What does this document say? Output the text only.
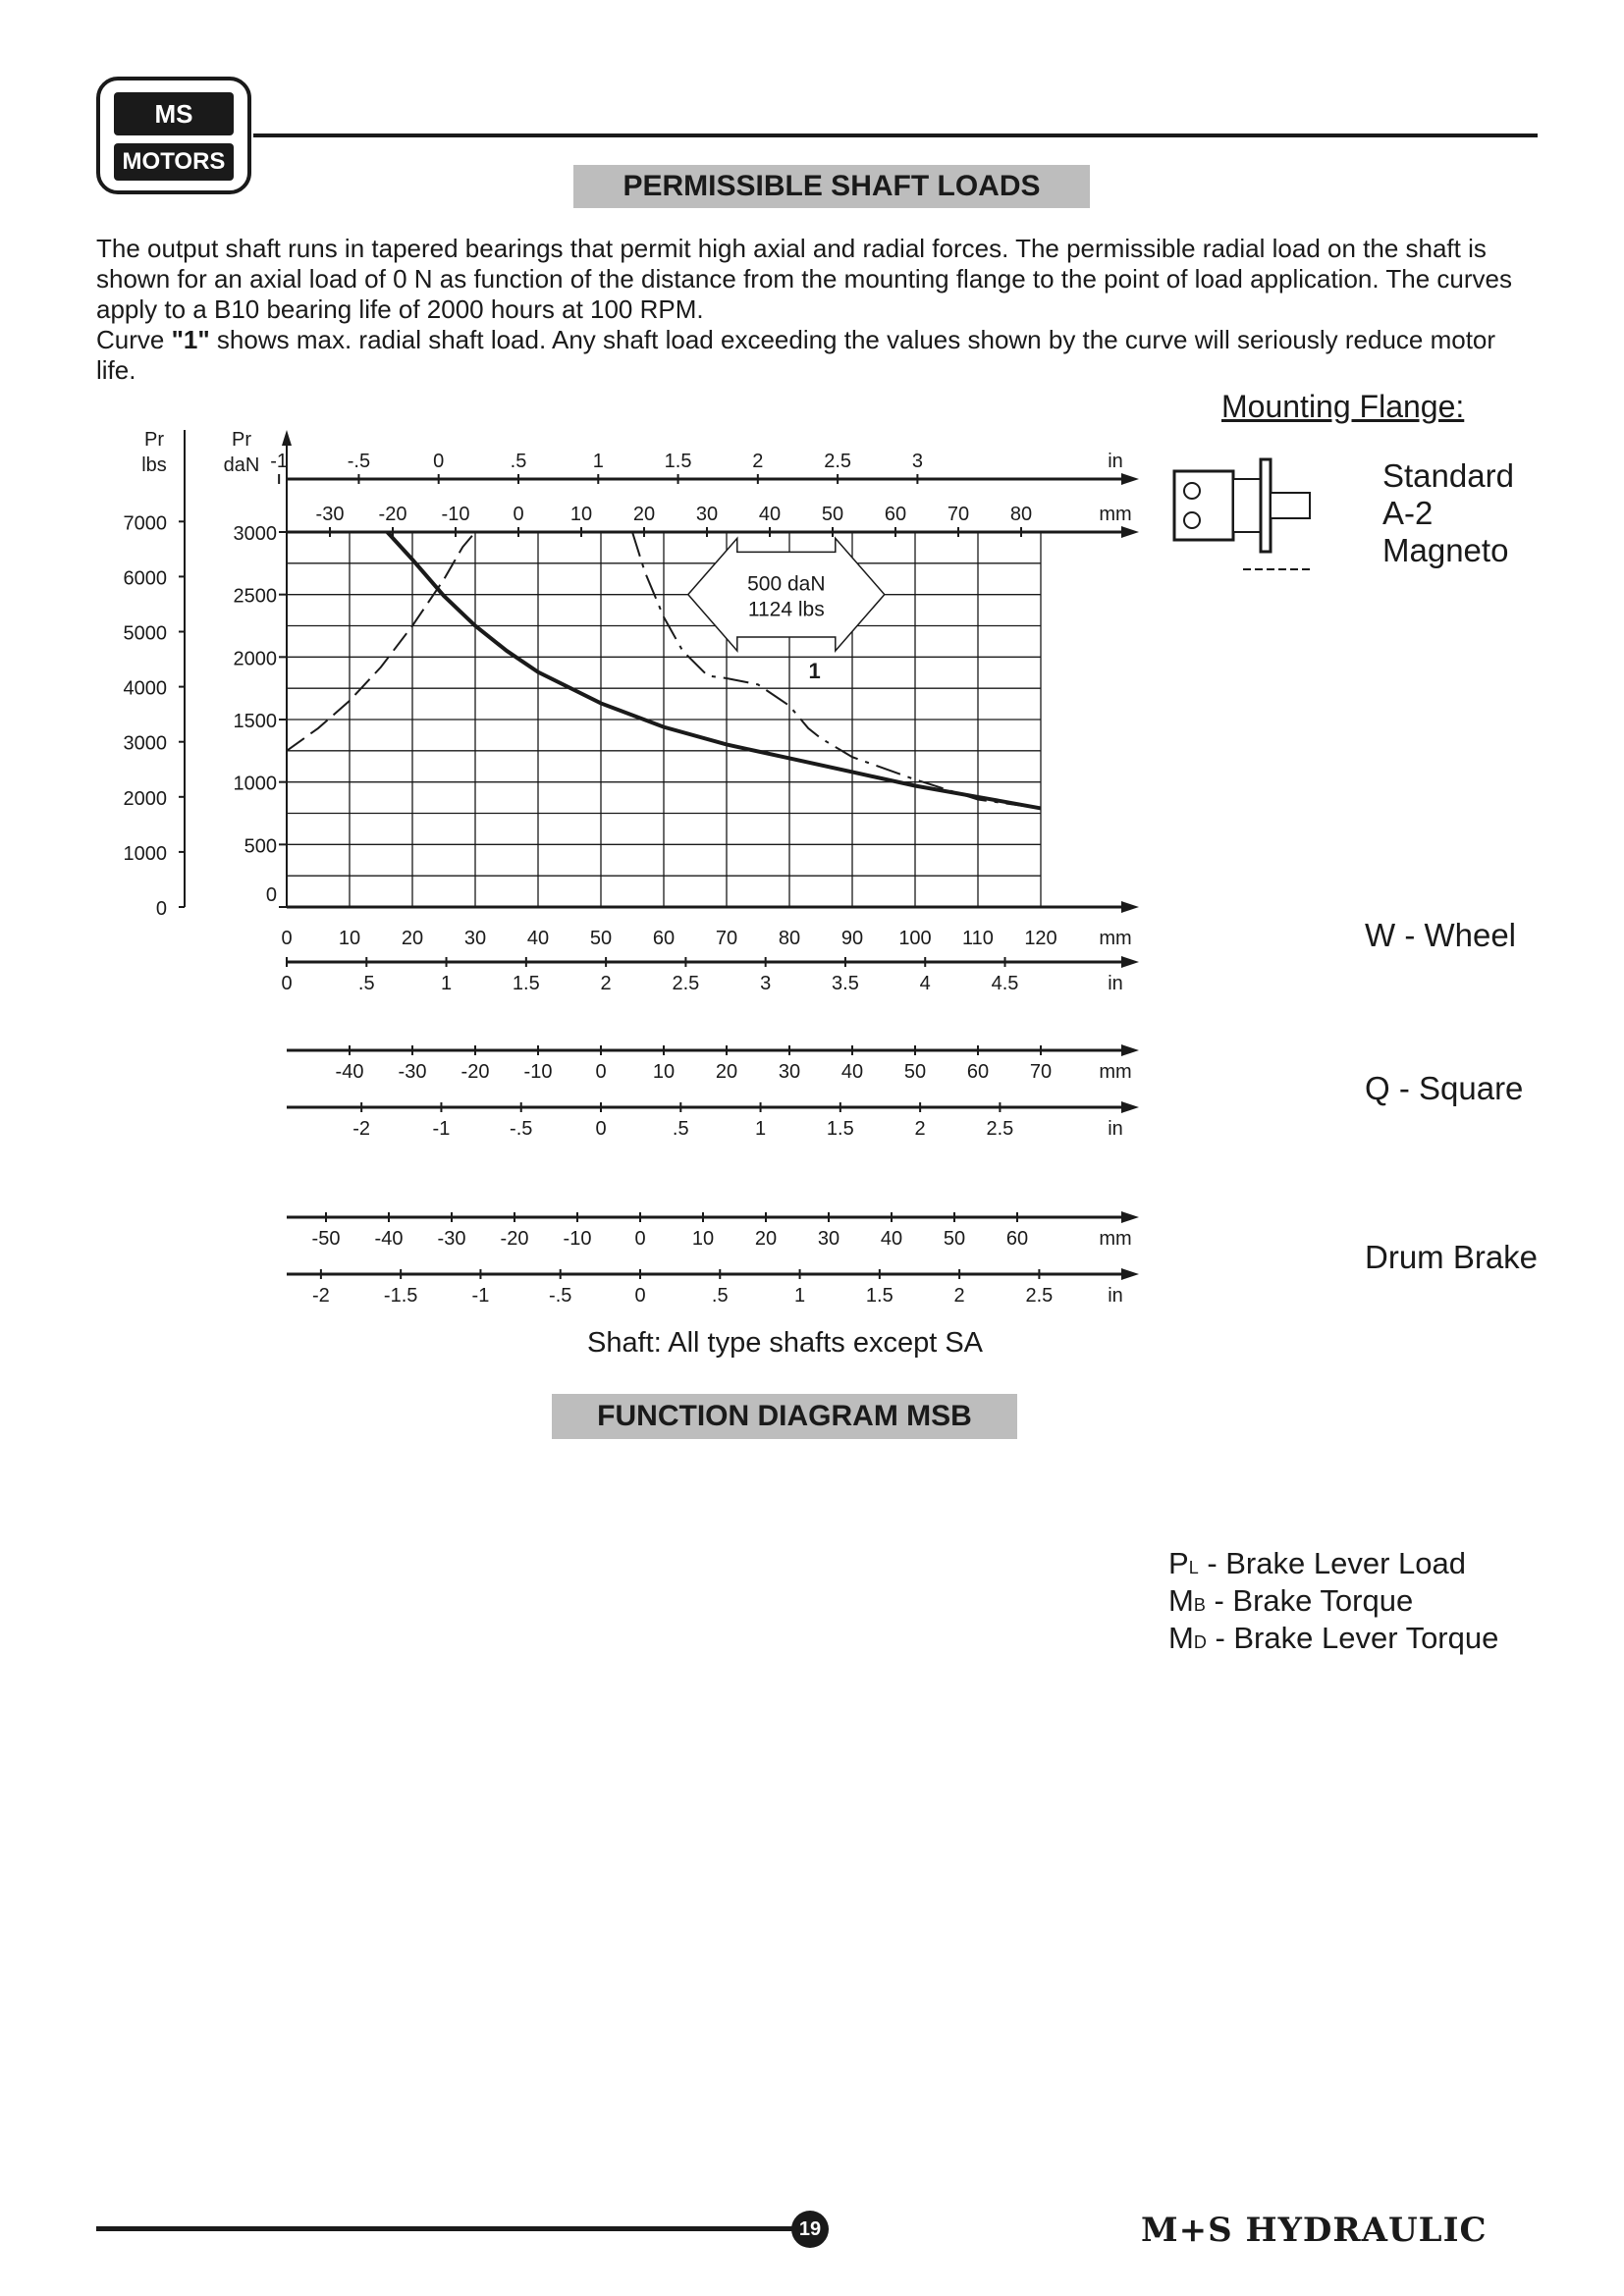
MS
MOTORS
PERMISSIBLE SHAFT LOADS

The output shaft runs in tapered bearings that permit high axial and radial forces. The permissible radial load on the shaft is shown for an axial load of 0 N as function of the distance from the mounting flange to the point of load application. The curves apply to a B10 bearing life of 2000 hours at 100 RPM.

Curve "1" shows max. radial shaft load. Any shaft load exceeding the values shown by the curve will seriously reduce motor life.

Mounting Flange:
Pr
lbs
Pr
daN
0
500
1000
1500
2000
2500
3000
0
1000
2000
3000
4000
5000
6000
7000
-1	-.5	0	.5	1	1.5	2	2.5	3	in
-30 -20 -10 0 10 20 30 40 50 60 70 80	mm
0 10 20 30 40 50 60 70 80 90 100 110 120 mm
0	.5	1	1.5	2	2.5	3	3.5	4	4.5	in
-40 -30 -20 -10 0 10 20 30 40 50 60 70 mm
-2	-1	-.5	0	.5	1	1.5	2	2.5	in
-50 -40 -30 -20 -10 0 10 20 30 40 50 60	mm
-2	-1.5	-1	-.5	0	.5	1	1.5	2	2.5	in
1
500 daN
1124 lbs
Standard
A-2
Magneto
W - Wheel
Q - Square
Drum Brake
Shaft: All type shafts except SA
FUNCTION DIAGRAM MSB
PL - Brake Lever Load
MB - Brake Torque
MD - Brake Lever Torque
19	M+S HYDRAULIC
